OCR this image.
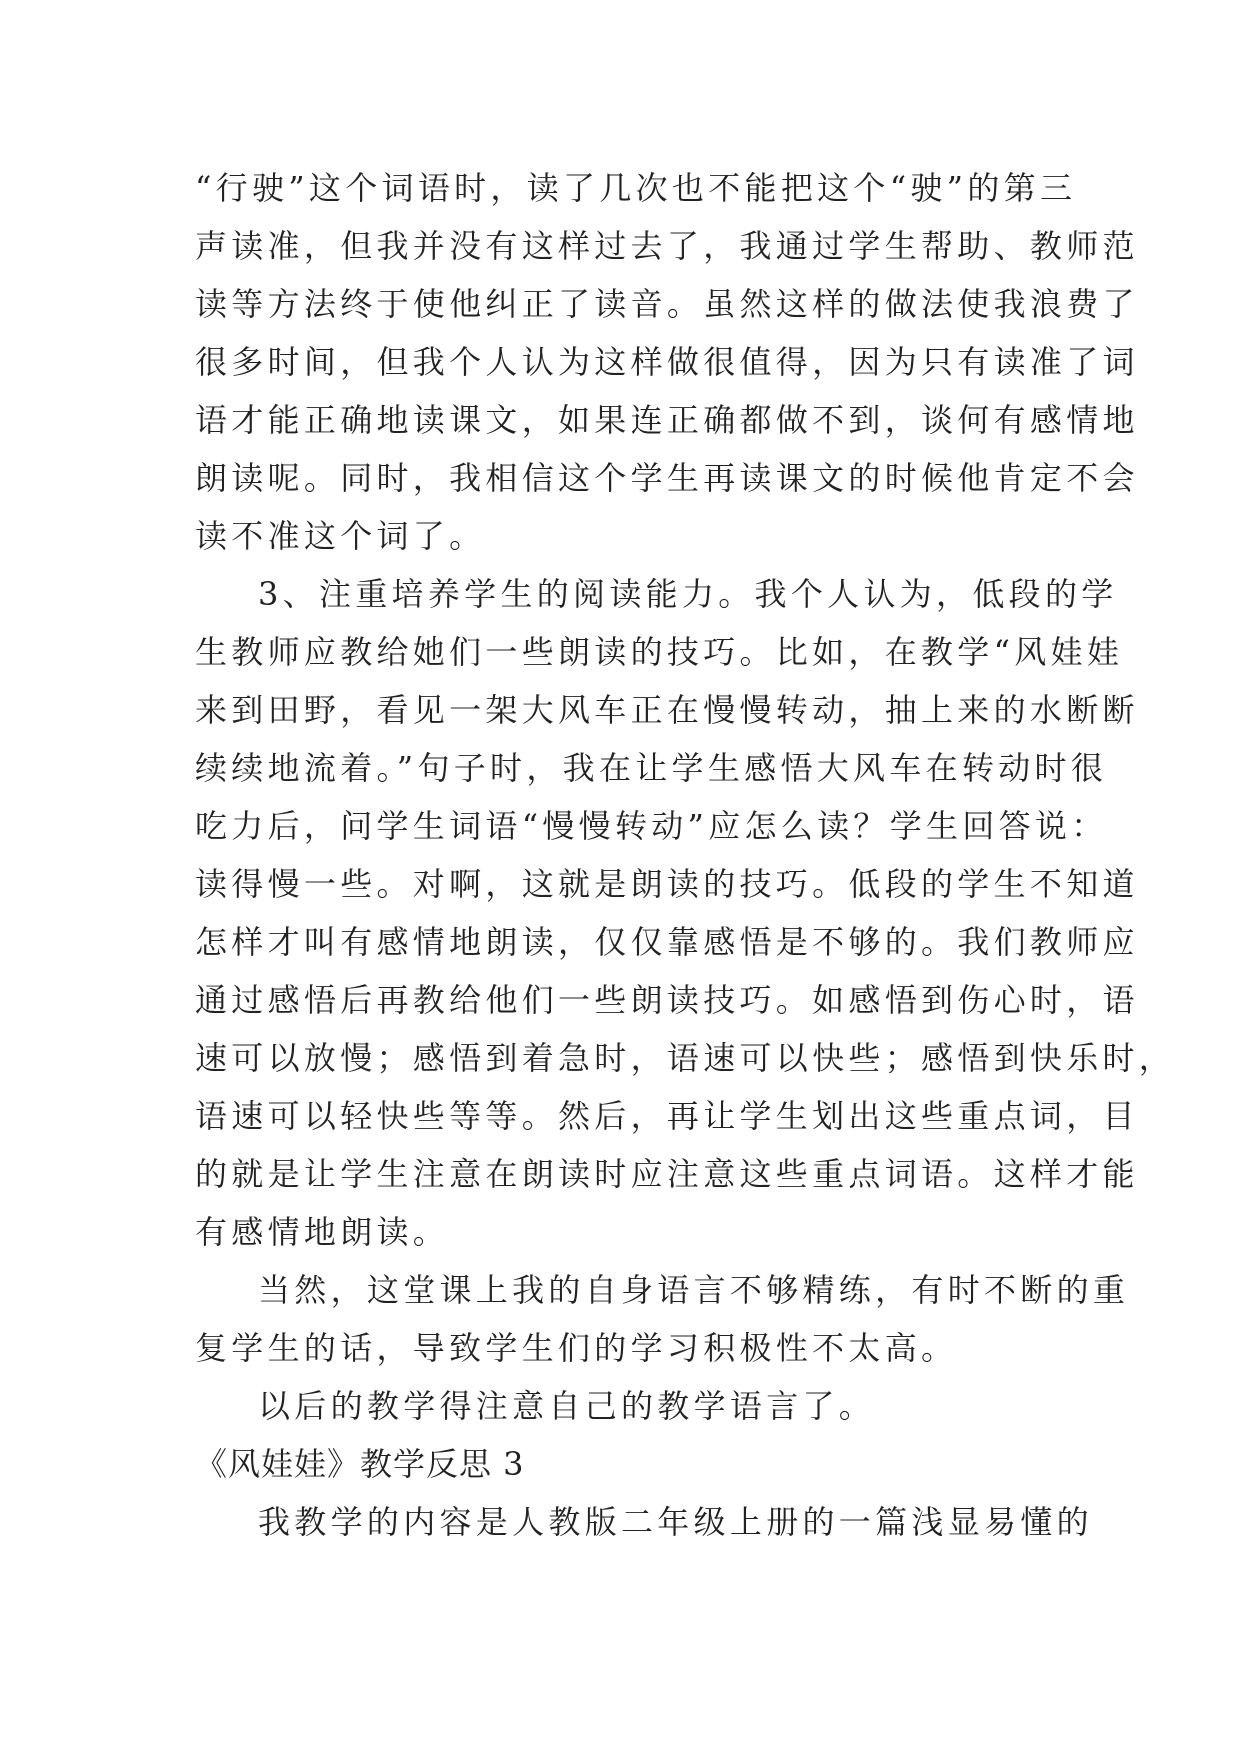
“行驶”这个词语时，读了几次也不能把这个“驶”的第三
声读准，但我并没有这样过去了，我通过学生帮助、教师范
读等方法终于使他纠正了读音。虽然这样的做法使我浪费了
很多时间，但我个人认为这样做很值得，因为只有读准了词
语才能正确地读课文，如果连正确都做不到，谈何有感情地
朗读呢。同时，我相信这个学生再读课文的时候他肯定不会
读不准这个词了。
3、注重培养学生的阅读能力。我个人认为，低段的学
生教师应教给她们一些朗读的技巧。比如，在教学“风娃娃
来到田野，看见一架大风车正在慢慢转动，抽上来的水断断
续续地流着。”句子时，我在让学生感悟大风车在转动时很
吃力后，问学生词语“慢慢转动”应怎么读？学生回答说：
读得慢一些。对啊，这就是朗读的技巧。低段的学生不知道
怎样才叫有感情地朗读，仅仅靠感悟是不够的。我们教师应
通过感悟后再教给他们一些朗读技巧。如感悟到伤心时，语
速可以放慢；感悟到着急时，语速可以快些；感悟到快乐时，
语速可以轻快些等等。然后，再让学生划出这些重点词，目
的就是让学生注意在朗读时应注意这些重点词语。这样才能
有感情地朗读。
当然，这堂课上我的自身语言不够精练，有时不断的重
复学生的话，导致学生们的学习积极性不太高。
以后的教学得注意自己的教学语言了。
《风娃娃》教学反思 3
我教学的内容是人教版二年级上册的一篇浅显易懂的
